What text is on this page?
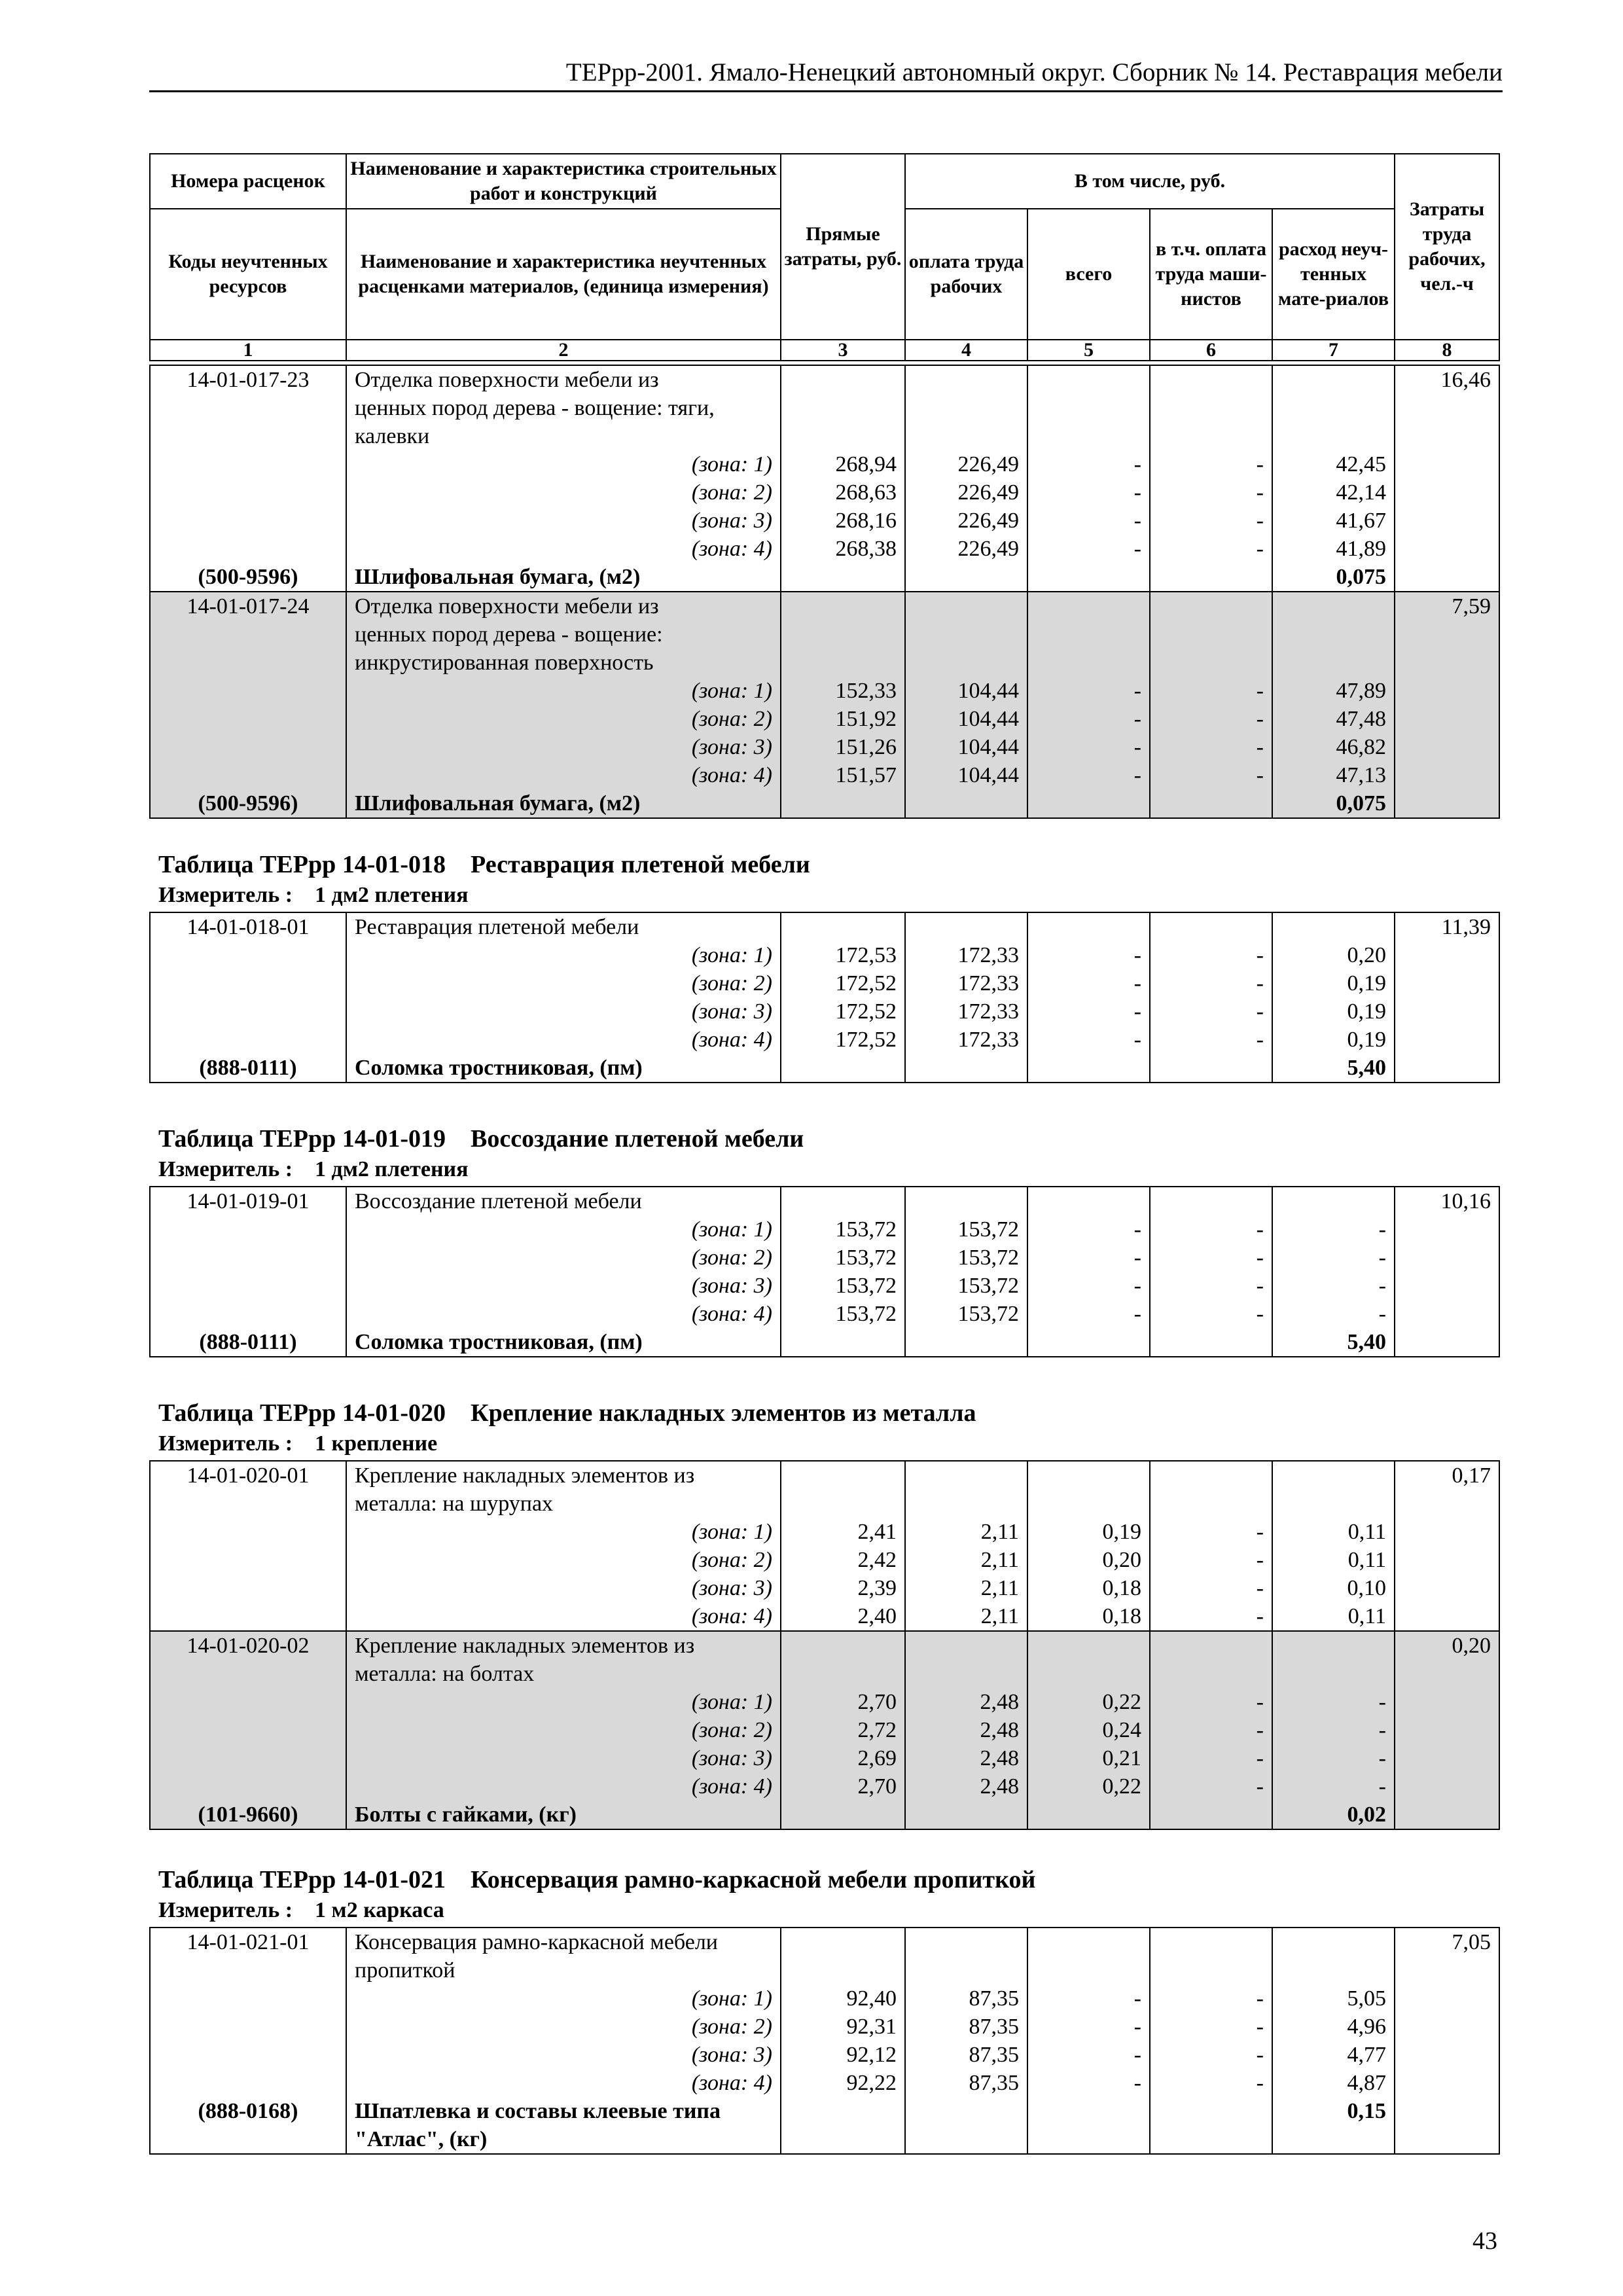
ТЕРрр-2001. Ямало-Ненецкий автономный округ. Сборник № 14. Реставрация мебели
Номера расценок	Наименование и характеристика строительных работ и конструкций	Прямые затраты, руб.	В том числе, руб.				Затраты труда рабочих, чел.-ч
Коды неучтенных ресурсов	Наименование и характеристика неучтенных расценками материалов, (единица измерения)		оплата труда рабочих	всего	в т.ч. оплата труда маши-нистов	расход неуч-тенных мате-риалов	
1	2	3	4	5	6	7	8
14-01-017-23	Отделка поверхности мебели из						16,46
	ценных пород дерева - вощение: тяги,						
	калевки						
	(зона: 1)	268,94	226,49	-	-	42,45	
	(зона: 2)	268,63	226,49	-	-	42,14	
	(зона: 3)	268,16	226,49	-	-	41,67	
	(зона: 4)	268,38	226,49	-	-	41,89	
(500-9596)	Шлифовальная бумага, (м2)					0,075	
14-01-017-24	Отделка поверхности мебели из						7,59
	ценных пород дерева - вощение:						
	инкрустированная поверхность						
	(зона: 1)	152,33	104,44	-	-	47,89	
	(зона: 2)	151,92	104,44	-	-	47,48	
	(зона: 3)	151,26	104,44	-	-	46,82	
	(зона: 4)	151,57	104,44	-	-	47,13	
(500-9596)	Шлифовальная бумага, (м2)					0,075	
Таблица ТЕРрр 14-01-018    Реставрация плетеной мебели
Измеритель :    1 дм2 плетения
14-01-018-01	Реставрация плетеной мебели						11,39
	(зона: 1)	172,53	172,33	-	-	0,20	
	(зона: 2)	172,52	172,33	-	-	0,19	
	(зона: 3)	172,52	172,33	-	-	0,19	
	(зона: 4)	172,52	172,33	-	-	0,19	
(888-0111)	Соломка тростниковая, (пм)					5,40	
Таблица ТЕРрр 14-01-019    Воссоздание плетеной мебели
Измеритель :    1 дм2 плетения
14-01-019-01	Воссоздание плетеной мебели						10,16
	(зона: 1)	153,72	153,72	-	-	-	
	(зона: 2)	153,72	153,72	-	-	-	
	(зона: 3)	153,72	153,72	-	-	-	
	(зона: 4)	153,72	153,72	-	-	-	
(888-0111)	Соломка тростниковая, (пм)					5,40	
Таблица ТЕРрр 14-01-020    Крепление накладных элементов из металла
Измеритель :    1 крепление
14-01-020-01	Крепление накладных элементов из						0,17
	металла: на шурупах						
	(зона: 1)	2,41	2,11	0,19	-	0,11	
	(зона: 2)	2,42	2,11	0,20	-	0,11	
	(зона: 3)	2,39	2,11	0,18	-	0,10	
	(зона: 4)	2,40	2,11	0,18	-	0,11	
14-01-020-02	Крепление накладных элементов из						0,20
	металла: на болтах						
	(зона: 1)	2,70	2,48	0,22	-	-	
	(зона: 2)	2,72	2,48	0,24	-	-	
	(зона: 3)	2,69	2,48	0,21	-	-	
	(зона: 4)	2,70	2,48	0,22	-	-	
(101-9660)	Болты с гайками, (кг)					0,02	
Таблица ТЕРрр 14-01-021    Консервация рамно-каркасной мебели пропиткой
Измеритель :    1 м2 каркаса
14-01-021-01	Консервация рамно-каркасной мебели						7,05
	пропиткой						
	(зона: 1)	92,40	87,35	-	-	5,05	
	(зона: 2)	92,31	87,35	-	-	4,96	
	(зона: 3)	92,12	87,35	-	-	4,77	
	(зона: 4)	92,22	87,35	-	-	4,87	
(888-0168)	Шпатлевка и составы клеевые типа					0,15	
	"Атлас", (кг)						
43
